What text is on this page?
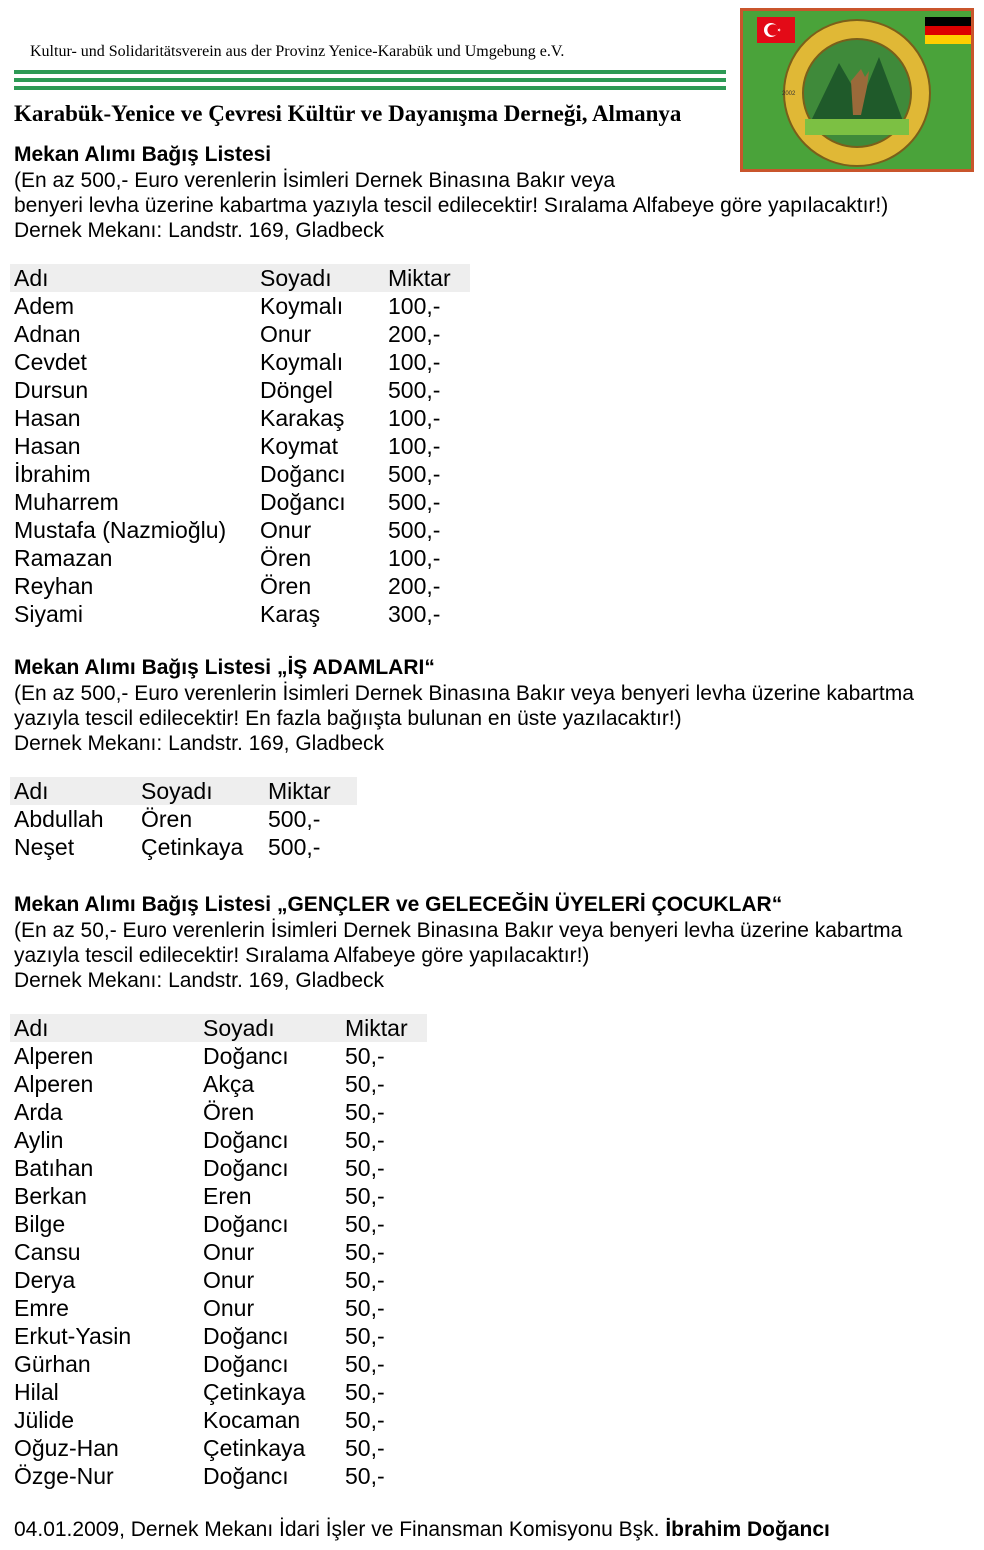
Kultur- und Solidaritätsverein aus der Provinz Yenice-Karabük und Umgebung e.V.

2002

Karabük-Yenice ve Çevresi Kültür ve Dayanışma Derneği, Almanya

Mekan Alımı Bağış Listesi

(En az 500,- Euro verenlerin İsimleri Dernek Binasına Bakır veya

benyeri levha üzerine kabartma yazıyla tescil edilecektir! Sıralama Alfabeye göre yapılacaktır!)

Dernek Mekanı: Landstr. 169, Gladbeck

Adı	Soyadı	Miktar
Adem	Koymalı	100,-
Adnan	Onur	200,-
Cevdet	Koymalı	100,-
Dursun	Döngel	500,-
Hasan	Karakaş	100,-
Hasan	Koymat	100,-
İbrahim	Doğancı	500,-
Muharrem	Doğancı	500,-
Mustafa (Nazmioğlu)	Onur	500,-
Ramazan	Ören	100,-
Reyhan	Ören	200,-
Siyami	Karaş	300,-
Mekan Alımı Bağış Listesi „İŞ ADAMLARI“

(En az 500,- Euro verenlerin İsimleri Dernek Binasına Bakır veya benyeri levha üzerine kabartma

yazıyla tescil edilecektir! En fazla bağıışta bulunan en üste yazılacaktır!)

Dernek Mekanı: Landstr. 169, Gladbeck

Adı	Soyadı	Miktar
Abdullah	Ören	500,-
Neşet	Çetinkaya	500,-
Mekan Alımı Bağış Listesi „GENÇLER ve GELECEĞİN ÜYELERİ ÇOCUKLAR“

(En az 50,- Euro verenlerin İsimleri Dernek Binasına Bakır veya benyeri levha üzerine kabartma

yazıyla tescil edilecektir! Sıralama Alfabeye göre yapılacaktır!)

Dernek Mekanı: Landstr. 169, Gladbeck

Adı	Soyadı	Miktar
Alperen	Doğancı	50,-
Alperen	Akça	50,-
Arda	Ören	50,-
Aylin	Doğancı	50,-
Batıhan	Doğancı	50,-
Berkan	Eren	50,-
Bilge	Doğancı	50,-
Cansu	Onur	50,-
Derya	Onur	50,-
Emre	Onur	50,-
Erkut-Yasin	Doğancı	50,-
Gürhan	Doğancı	50,-
Hilal	Çetinkaya	50,-
Jülide	Kocaman	50,-
Oğuz-Han	Çetinkaya	50,-
Özge-Nur	Doğancı	50,-

04.01.2009, Dernek Mekanı İdari İşler ve Finansman Komisyonu Bşk. İbrahim Doğancı
